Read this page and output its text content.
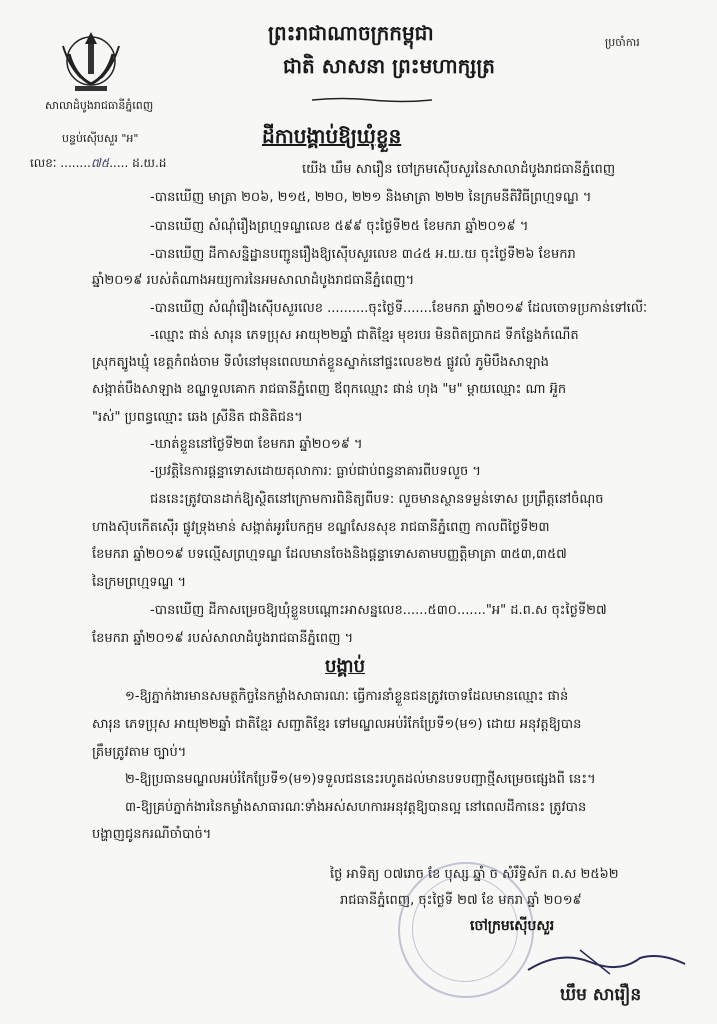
សាលាដំបូងរាជធានីភ្នំពេញ
បន្ទប់ស៊ើបសួរ "អ"
លេខៈ ........៧៥..... ដ.យ.ដ
ព្រះរាជាណាចក្រកម្ពុជា
ជាតិ សាសនា ព្រះមហាក្សត្រ
ប្រចាំការ
ដីកាបង្គាប់ឱ្យឃុំខ្លួន
យើង ឃឹម សារឿន ចៅក្រមស៊ើបសួរនៃសាលាដំបូងរាជធានីភ្នំពេញ
-បានឃើញ មាត្រា ២០៦, ២១៥, ២២០, ២២១ និងមាត្រា ២២២ នៃក្រមនីតិវិធីព្រហ្មទណ្ឌ ។
-បានឃើញ សំណុំរឿងព្រហ្មទណ្ឌលេខ ៥៩៩ ចុះថ្ងៃទី២៥ ខែមករា ឆ្នាំ២០១៩ ។
-បានឃើញ ដីកាសន្និដ្ឋានបញ្ជូនរឿងឱ្យស៊ើបសួរលេខ ៣៤៥ អ.យ.យ ចុះថ្ងៃទី២៦ ខែមករា
ឆ្នាំ២០១៩ របស់តំណាងអយ្យការនៃអមសាលាដំបូងរាជធានីភ្នំពេញ។
-បានឃើញ សំណុំរឿងស៊ើបសួរលេខ ..........ចុះថ្ងៃទី.......ខែមករា ឆ្នាំ២០១៩ ដែលចោទប្រកាន់ទៅលើៈ
-ឈ្មោះ ផាន់ សារុន ភេទប្រុស អាយុ២២ឆ្នាំ ជាតិខ្មែរ មុខរបរ មិនពិតប្រាកដ ទីកន្លែងកំណើត
ស្រុកត្បូងឃ្មុំ ខេត្តកំពង់ចាម ទីលំនៅមុនពេលឃាត់ខ្លួនស្នាក់នៅផ្ទះលេខ២៥ ផ្លូវលំ ភូមិបឹងសាឡាង
សង្កាត់បឹងសាឡាង ខណ្ឌទួលគោក រាជធានីភ្នំពេញ ឪពុកឈ្មោះ ផាន់ ហុង "ម" ម្តាយឈ្មោះ ណា អ៊ួក
"រស់" ប្រពន្ធឈ្មោះ ឆេង ស្រីនិត ជានិតិជន។
-ឃាត់ខ្លួននៅថ្ងៃទី២៣ ខែមករា ឆ្នាំ២០១៩ ។
-ប្រវត្តិនៃការផ្តន្ទាទោសដោយតុលាការ: ធ្លាប់ជាប់ពន្ធនាគារពីបទលួច ។
ជននេះត្រូវបានដាក់ឱ្យស្ថិតនៅក្រោមការពិនិត្យពីបទ: លួចមានស្ថានទម្ងន់ទោស ប្រព្រឹត្តនៅចំណុច
ហាងស៊ុបកើតស៊ើរ ផ្លូវទ្រុងមាន់ សង្កាត់អូរបែកក្អម ខណ្ឌសែនសុខ រាជធានីភ្នំពេញ កាលពីថ្ងៃទី២៣
ខែមករា ឆ្នាំ២០១៩ បទល្មើសព្រហ្មទណ្ឌ ដែលមានចែងនិងផ្តន្ទាទោសតាមបញ្ញត្តិមាត្រា ៣៥៣,៣៥៧
នៃក្រមព្រហ្មទណ្ឌ ។
-បានឃើញ ដីកាសម្រេចឱ្យឃុំខ្លួនបណ្តោះអាសន្នលេខ......៥៣០......."អ" ដ.ព.ស ចុះថ្ងៃទី២៧
ខែមករា ឆ្នាំ២០១៩ របស់សាលាដំបូងរាជធានីភ្នំពេញ ។
បង្គាប់
១-ឱ្យភ្នាក់ងារមានសមត្ថកិច្ចនៃកម្លាំងសាធារណៈ ធ្វើការនាំខ្លួនជនត្រូវចោទដែលមានឈ្មោះ ផាន់
សារុន ភេទប្រុស អាយុ២២ឆ្នាំ ជាតិខ្មែរ សញ្ជាតិខ្មែរ ទៅមណ្ឌលអប់រំកែប្រែទី១(ម១) ដោយ អនុវត្តឱ្យបាន
ត្រឹមត្រូវតាម ច្បាប់។
២-ឱ្យប្រធានមណ្ឌលអប់រំកែប្រែទី១(ម១)ទទួលជននេះរហូតដល់មានបទបញ្ជាថ្មីសម្រេចផ្សេងពី នេះ។
៣-ឱ្យគ្រប់ភ្នាក់ងារនៃកម្លាំងសាធារណៈទាំងអស់សហការអនុវត្តឱ្យបានល្អ នៅពេលដីកានេះ ត្រូវបាន
បង្ហាញជូនករណីចាំបាច់។
ថ្ងៃ អាទិត្យ ០៧រោច ខែ បុស្ស ឆ្នាំ ច សំរឹទ្ធិស័ក ព.ស ២៥៦២
រាជធានីភ្នំពេញ, ចុះថ្ងៃទី ២៧ ខែ មករា ឆ្នាំ ២០១៩
ចៅក្រមស៊ើបសួរ
ឃឹម សារឿន
